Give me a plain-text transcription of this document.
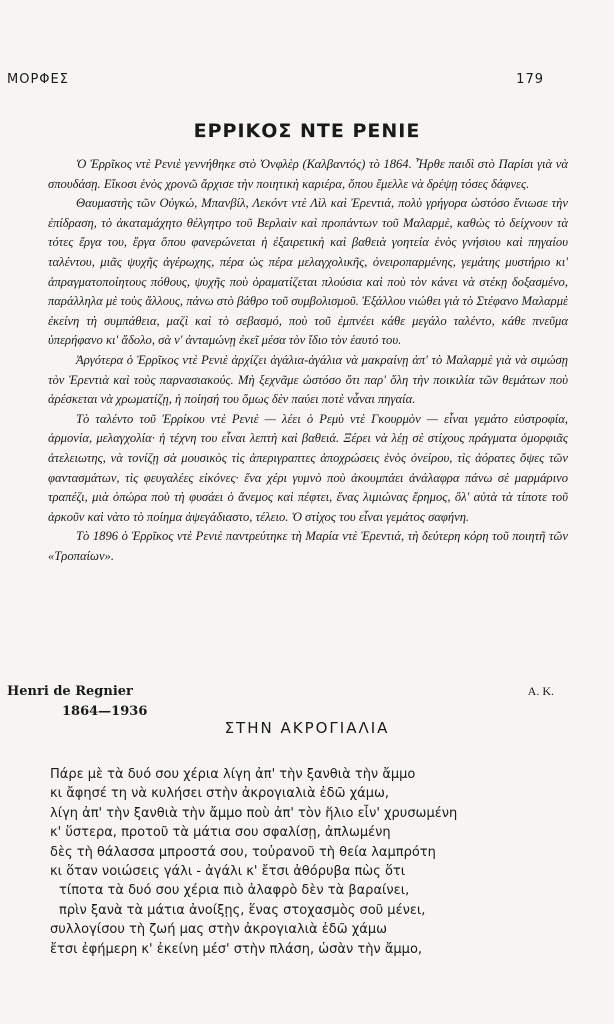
ΜΟΡΦΕΣ	179
ΕΡΡΙΚΟΣ ΝΤΕ ΡΕΝΙΕ

Ὁ Ἐρρῖκος ντὲ Ρενιὲ γεννήθηκε στὸ Ὀνφλὲρ (Καλβαντός) τὸ 1864. Ἦρθε παιδὶ στὸ Παρίσι γιὰ νὰ σπουδάσῃ. Εἴκοσι ἑνὸς χρονῶ ἄρχισε τὴν ποιητικὴ καριέρα, ὅπου ἔμελλε νὰ δρέψῃ τόσες δάφνες.

Θαυμαστὴς τῶν Οὐγκώ, Μπανβίλ, Λεκόντ ντὲ Λὶλ καὶ Ἐρεντιά, πολὺ γρήγορα ὡστόσο ἔνιωσε τὴν ἐπίδραση, τὸ ἀκαταμάχητο θέλγητρο τοῦ Βερλαὶν καὶ προπάντων τοῦ Μαλαρμὲ, καθὼς τὸ δείχνουν τὰ τότες ἔργα του, ἔργα ὅπου φανερώνεται ἡ ἐξαιρετικὴ καὶ βαθειὰ γοητεία ἑνὸς γνήσιου καὶ πηγαίου ταλέντου, μιᾶς ψυχῆς ἀγέρωχης, πέρα ὡς πέρα μελαγχολικῆς, ὀνειροπαρμένης, γεμάτης μυστήριο κι' ἀπραγματοποίητους πόθους, ψυχῆς ποὺ ὁραματίζεται πλούσια καὶ ποὺ τὸν κάνει νὰ στέκῃ δοξασμένο, παράλληλα μὲ τοὺς ἄλλους, πάνω στὸ βάθρο τοῦ συμβολισμοῦ. Ἐξάλλου νιώθει γιὰ τὸ Στέφανο Μαλαρμὲ ἐκείνη τὴ συμπάθεια, μαζὶ καὶ τὸ σεβασμό, ποὺ τοῦ ἐμπνέει κάθε μεγάλο ταλέντο, κάθε πνεῦμα ὑπερήφανο κι' ἄδολο, σὰ ν' ἀνταμώνῃ ἐκεῖ μέσα τὸν ἴδιο τὸν ἑαυτό του.

Ἀργότερα ὁ Ἐρρῖκος ντὲ Ρενιὲ ἀρχίζει ἀγάλια-ἀγάλια νὰ μακραίνῃ ἀπ' τὸ Μαλαρμὲ γιὰ νὰ σιμώσῃ τὸν Ἐρεντιὰ καὶ τοὺς παρνασιακούς. Μὴ ξεχνᾶμε ὡστόσο ὅτι παρ' ὅλη τὴν ποικιλία τῶν θεμάτων ποὺ ἀρέσκεται νὰ χρωματίζῃ, ἡ ποίησή του ὅμως δὲν παύει ποτὲ νἆναι πηγαία.

Τὸ ταλέντο τοῦ Ἐρρίκου ντὲ Ρενιὲ — λέει ὁ Ρεμὺ ντὲ Γκουρμὸν — εἶναι γεμάτο εὐστροφία, ἁρμονία, μελαγχολία· ἡ τέχνη του εἶναι λεπτὴ καὶ βαθειά. Ξέρει νὰ λέῃ σὲ στίχους πράγματα ὁμορφιᾶς ἀτελειωτης, νὰ τονίζῃ σὰ μουσικὸς τὶς ἀπεριγραπτες ἀποχρώσεις ἑνὸς ὀνείρου, τὶς ἀόρατες ὄψες τῶν φαντασμάτων, τὶς φευγαλέες εἰκόνες· ἕνα χέρι γυμνὸ ποὺ ἀκουμπάει ἀνάλαφρα πάνω σὲ μαρμάρινο τραπέζι, μιὰ ὀπώρα ποὺ τὴ φυσάει ὁ ἄνεμος καὶ πέφτει, ἕνας λιμιώνας ἔρημος, ὅλ' αὐτὰ τὰ τίποτε τοῦ ἀρκοῦν καὶ νὰτο τὸ ποίημα ἀψεγάδιαστο, τέλειο. Ὁ στίχος του εἶναι γεμάτος σαφήνη.

Τὸ 1896 ὁ Ἐρρῖκος ντὲ Ρενιὲ παντρεύτηκε τὴ Μαρία ντὲ Ἐρεντιά, τὴ δεύτερη κόρη τοῦ ποιητῆ τῶν «Τροπαίων».

Α. Κ.
Henri de Regnier
1864—1936
ΣΤΗΝ ΑΚΡΟΓΙΑΛΙΑ
Πάρε μὲ τὰ δυό σου χέρια λίγη ἀπ' τὴν ξανθιὰ τὴν ἄμμο
κι ἄφησέ τη νὰ κυλήσει στὴν ἀκρογιαλιὰ ἐδῶ χάμω,
λίγη ἀπ' τὴν ξανθιὰ τὴν ἄμμο ποὺ ἀπ' τὸν ἥλιο εἶν' χρυσωμένη
κ' ὕστερα, προτοῦ τὰ μάτια σου σφαλίσῃ, ἀπλωμένη
δὲς τὴ θάλασσα μπροστά σου, τοὐρανοῦ τὴ θεία λαμπρότη
κι ὅταν νοιώσεις γάλι - ἀγάλι κ' ἔτσι ἀθόρυβα πὼς ὅτι
τίποτα τὰ δυό σου χέρια πιὸ ἀλαφρὸ δὲν τὰ βαραίνει,
πρὶν ξανὰ τὰ μάτια ἀνοίξῃς, ἕνας στοχασμὸς σοῦ μένει,
συλλογίσου τὴ ζωή μας στὴν ἀκρογιαλιὰ ἐδῶ χάμω
ἔτσι ἐφήμερη κ' ἐκείνη μέσ' στὴν πλάση, ὡσὰν τὴν ἄμμο,
